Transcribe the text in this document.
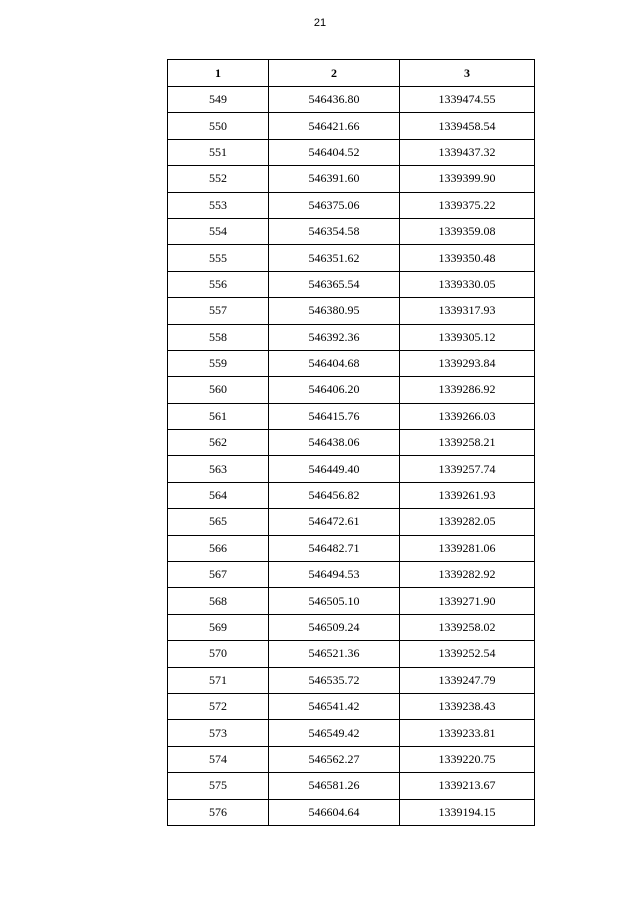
21
1	2	3
549	546436.80	1339474.55
550	546421.66	1339458.54
551	546404.52	1339437.32
552	546391.60	1339399.90
553	546375.06	1339375.22
554	546354.58	1339359.08
555	546351.62	1339350.48
556	546365.54	1339330.05
557	546380.95	1339317.93
558	546392.36	1339305.12
559	546404.68	1339293.84
560	546406.20	1339286.92
561	546415.76	1339266.03
562	546438.06	1339258.21
563	546449.40	1339257.74
564	546456.82	1339261.93
565	546472.61	1339282.05
566	546482.71	1339281.06
567	546494.53	1339282.92
568	546505.10	1339271.90
569	546509.24	1339258.02
570	546521.36	1339252.54
571	546535.72	1339247.79
572	546541.42	1339238.43
573	546549.42	1339233.81
574	546562.27	1339220.75
575	546581.26	1339213.67
576	546604.64	1339194.15
